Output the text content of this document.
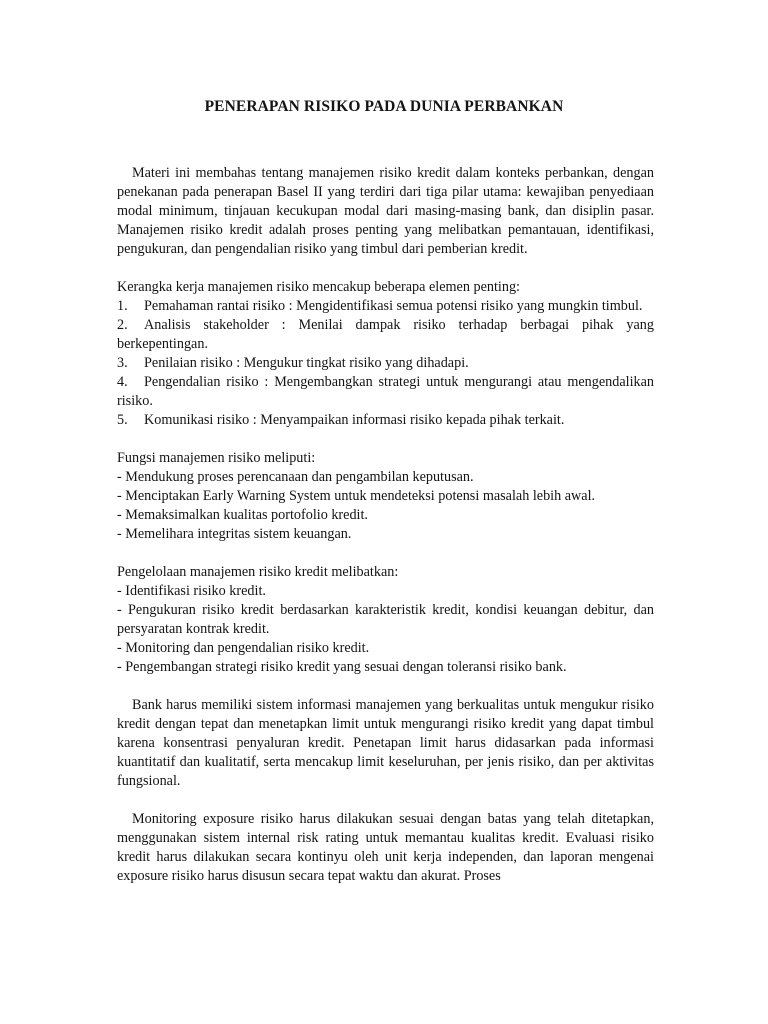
PENERAPAN RISIKO PADA DUNIA PERBANKAN

Materi ini membahas tentang manajemen risiko kredit dalam konteks perbankan, dengan penekanan pada penerapan Basel II yang terdiri dari tiga pilar utama: kewajiban penyediaan modal minimum, tinjauan kecukupan modal dari masing-masing bank, dan disiplin pasar. Manajemen risiko kredit adalah proses penting yang melibatkan pemantauan, identifikasi, pengukuran, dan pengendalian risiko yang timbul dari pemberian kredit.

Kerangka kerja manajemen risiko mencakup beberapa elemen penting:

1. Pemahaman rantai risiko : Mengidentifikasi semua potensi risiko yang mungkin timbul.

2. Analisis stakeholder : Menilai dampak risiko terhadap berbagai pihak yang berkepentingan.

3. Penilaian risiko : Mengukur tingkat risiko yang dihadapi.

4. Pengendalian risiko : Mengembangkan strategi untuk mengurangi atau mengendalikan risiko.

5. Komunikasi risiko : Menyampaikan informasi risiko kepada pihak terkait.

Fungsi manajemen risiko meliputi:

- Mendukung proses perencanaan dan pengambilan keputusan.

- Menciptakan Early Warning System untuk mendeteksi potensi masalah lebih awal.

- Memaksimalkan kualitas portofolio kredit.

- Memelihara integritas sistem keuangan.

Pengelolaan manajemen risiko kredit melibatkan:

- Identifikasi risiko kredit.

- Pengukuran risiko kredit berdasarkan karakteristik kredit, kondisi keuangan debitur, dan persyaratan kontrak kredit.

- Monitoring dan pengendalian risiko kredit.

- Pengembangan strategi risiko kredit yang sesuai dengan toleransi risiko bank.

Bank harus memiliki sistem informasi manajemen yang berkualitas untuk mengukur risiko kredit dengan tepat dan menetapkan limit untuk mengurangi risiko kredit yang dapat timbul karena konsentrasi penyaluran kredit. Penetapan limit harus didasarkan pada informasi kuantitatif dan kualitatif, serta mencakup limit keseluruhan, per jenis risiko, dan per aktivitas fungsional.

Monitoring exposure risiko harus dilakukan sesuai dengan batas yang telah ditetapkan, menggunakan sistem internal risk rating untuk memantau kualitas kredit. Evaluasi risiko kredit harus dilakukan secara kontinyu oleh unit kerja independen, dan laporan mengenai exposure risiko harus disusun secara tepat waktu dan akurat. Proses
